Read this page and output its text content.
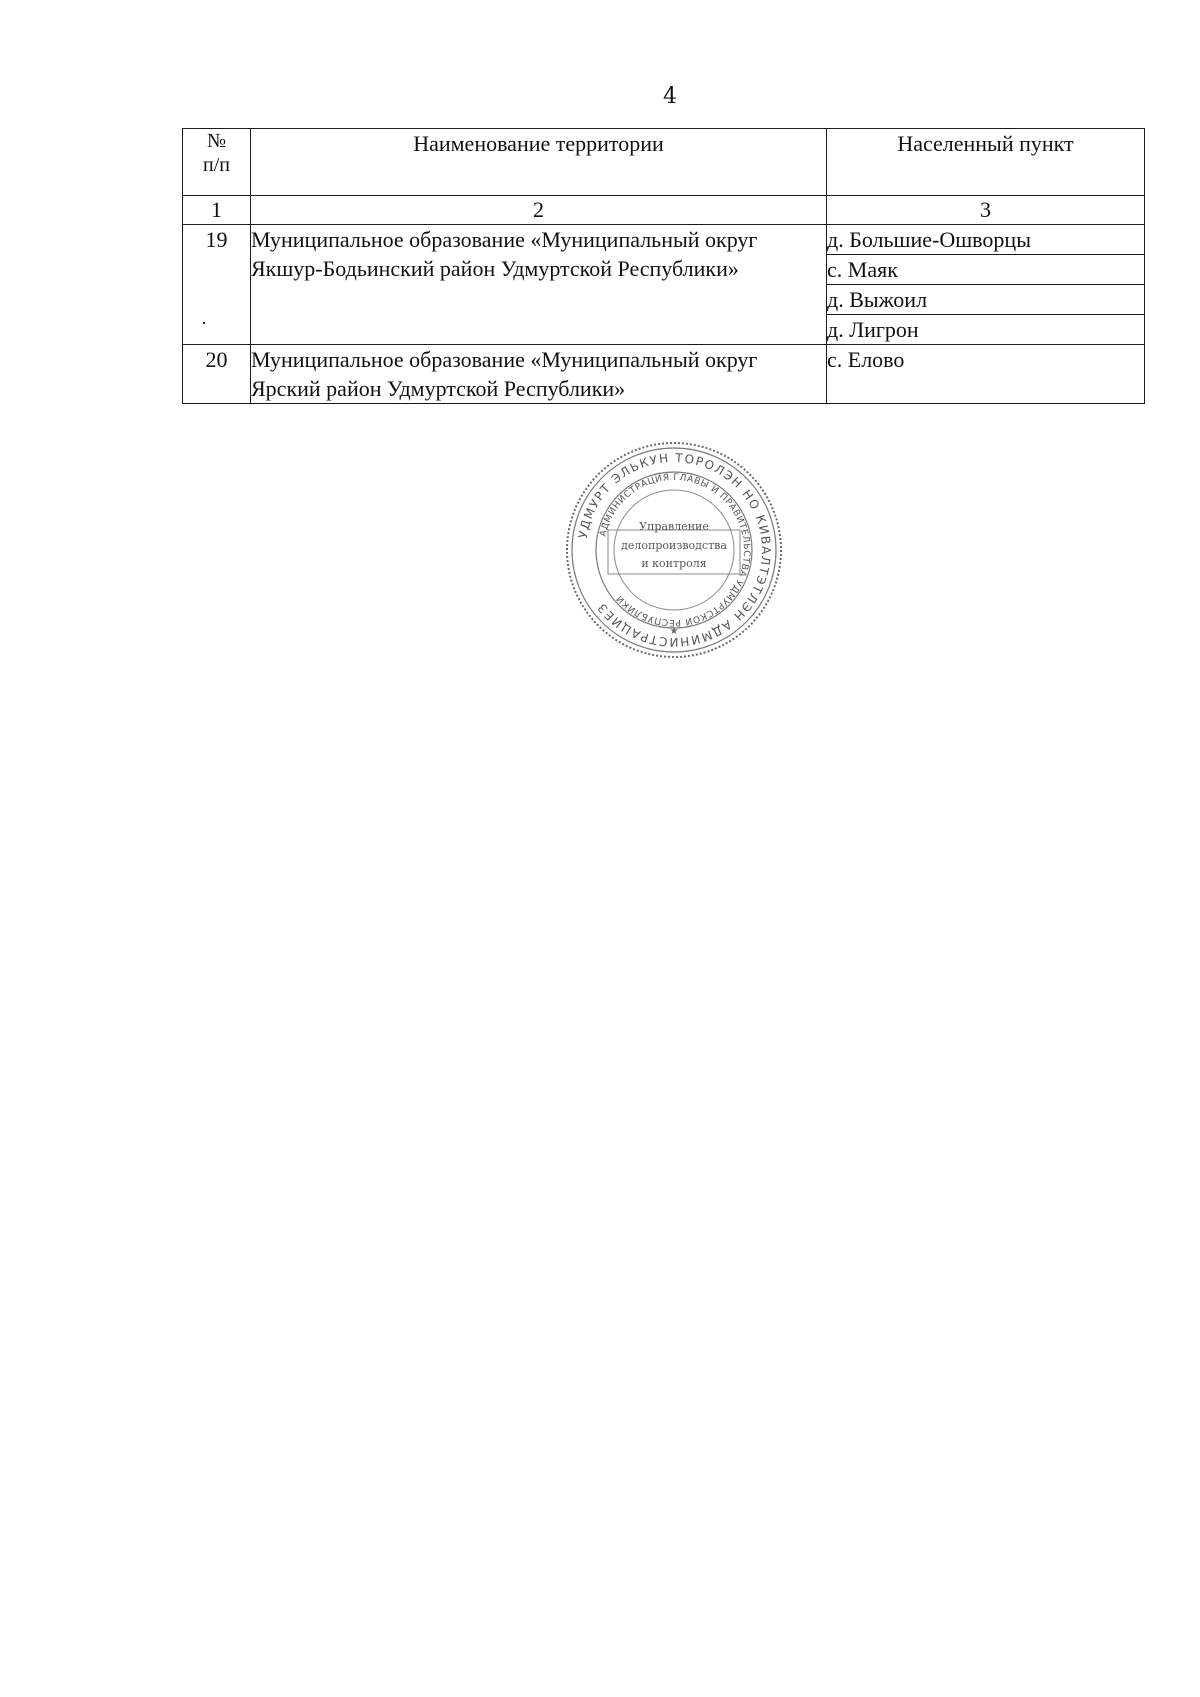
4
№
п/п	Наименование территории	Населенный пункт
1	2	3
19	Муниципальное образование «Муниципальный округ Якшур-Бодьинский район Удмуртской Республики»	д. Большие-Ошворцы
		с. Маяк
		д. Выжоил
		д. Лигрон
20	Муниципальное образование «Муниципальный округ Ярский район Удмуртской Республики»	с. Елово
УДМУРТ ЭЛЬКУН ТОРОЛЭН НО КИВАЛТЭТЛЭН АДМИНИСТРАЦИЕЗ
АДМИНИСТРАЦИЯ ГЛАВЫ И ПРАВИТЕЛЬСТВА УДМУРТСКОЙ РЕСПУБЛИКИ
Управление
делопроизводства
и контроля
★
